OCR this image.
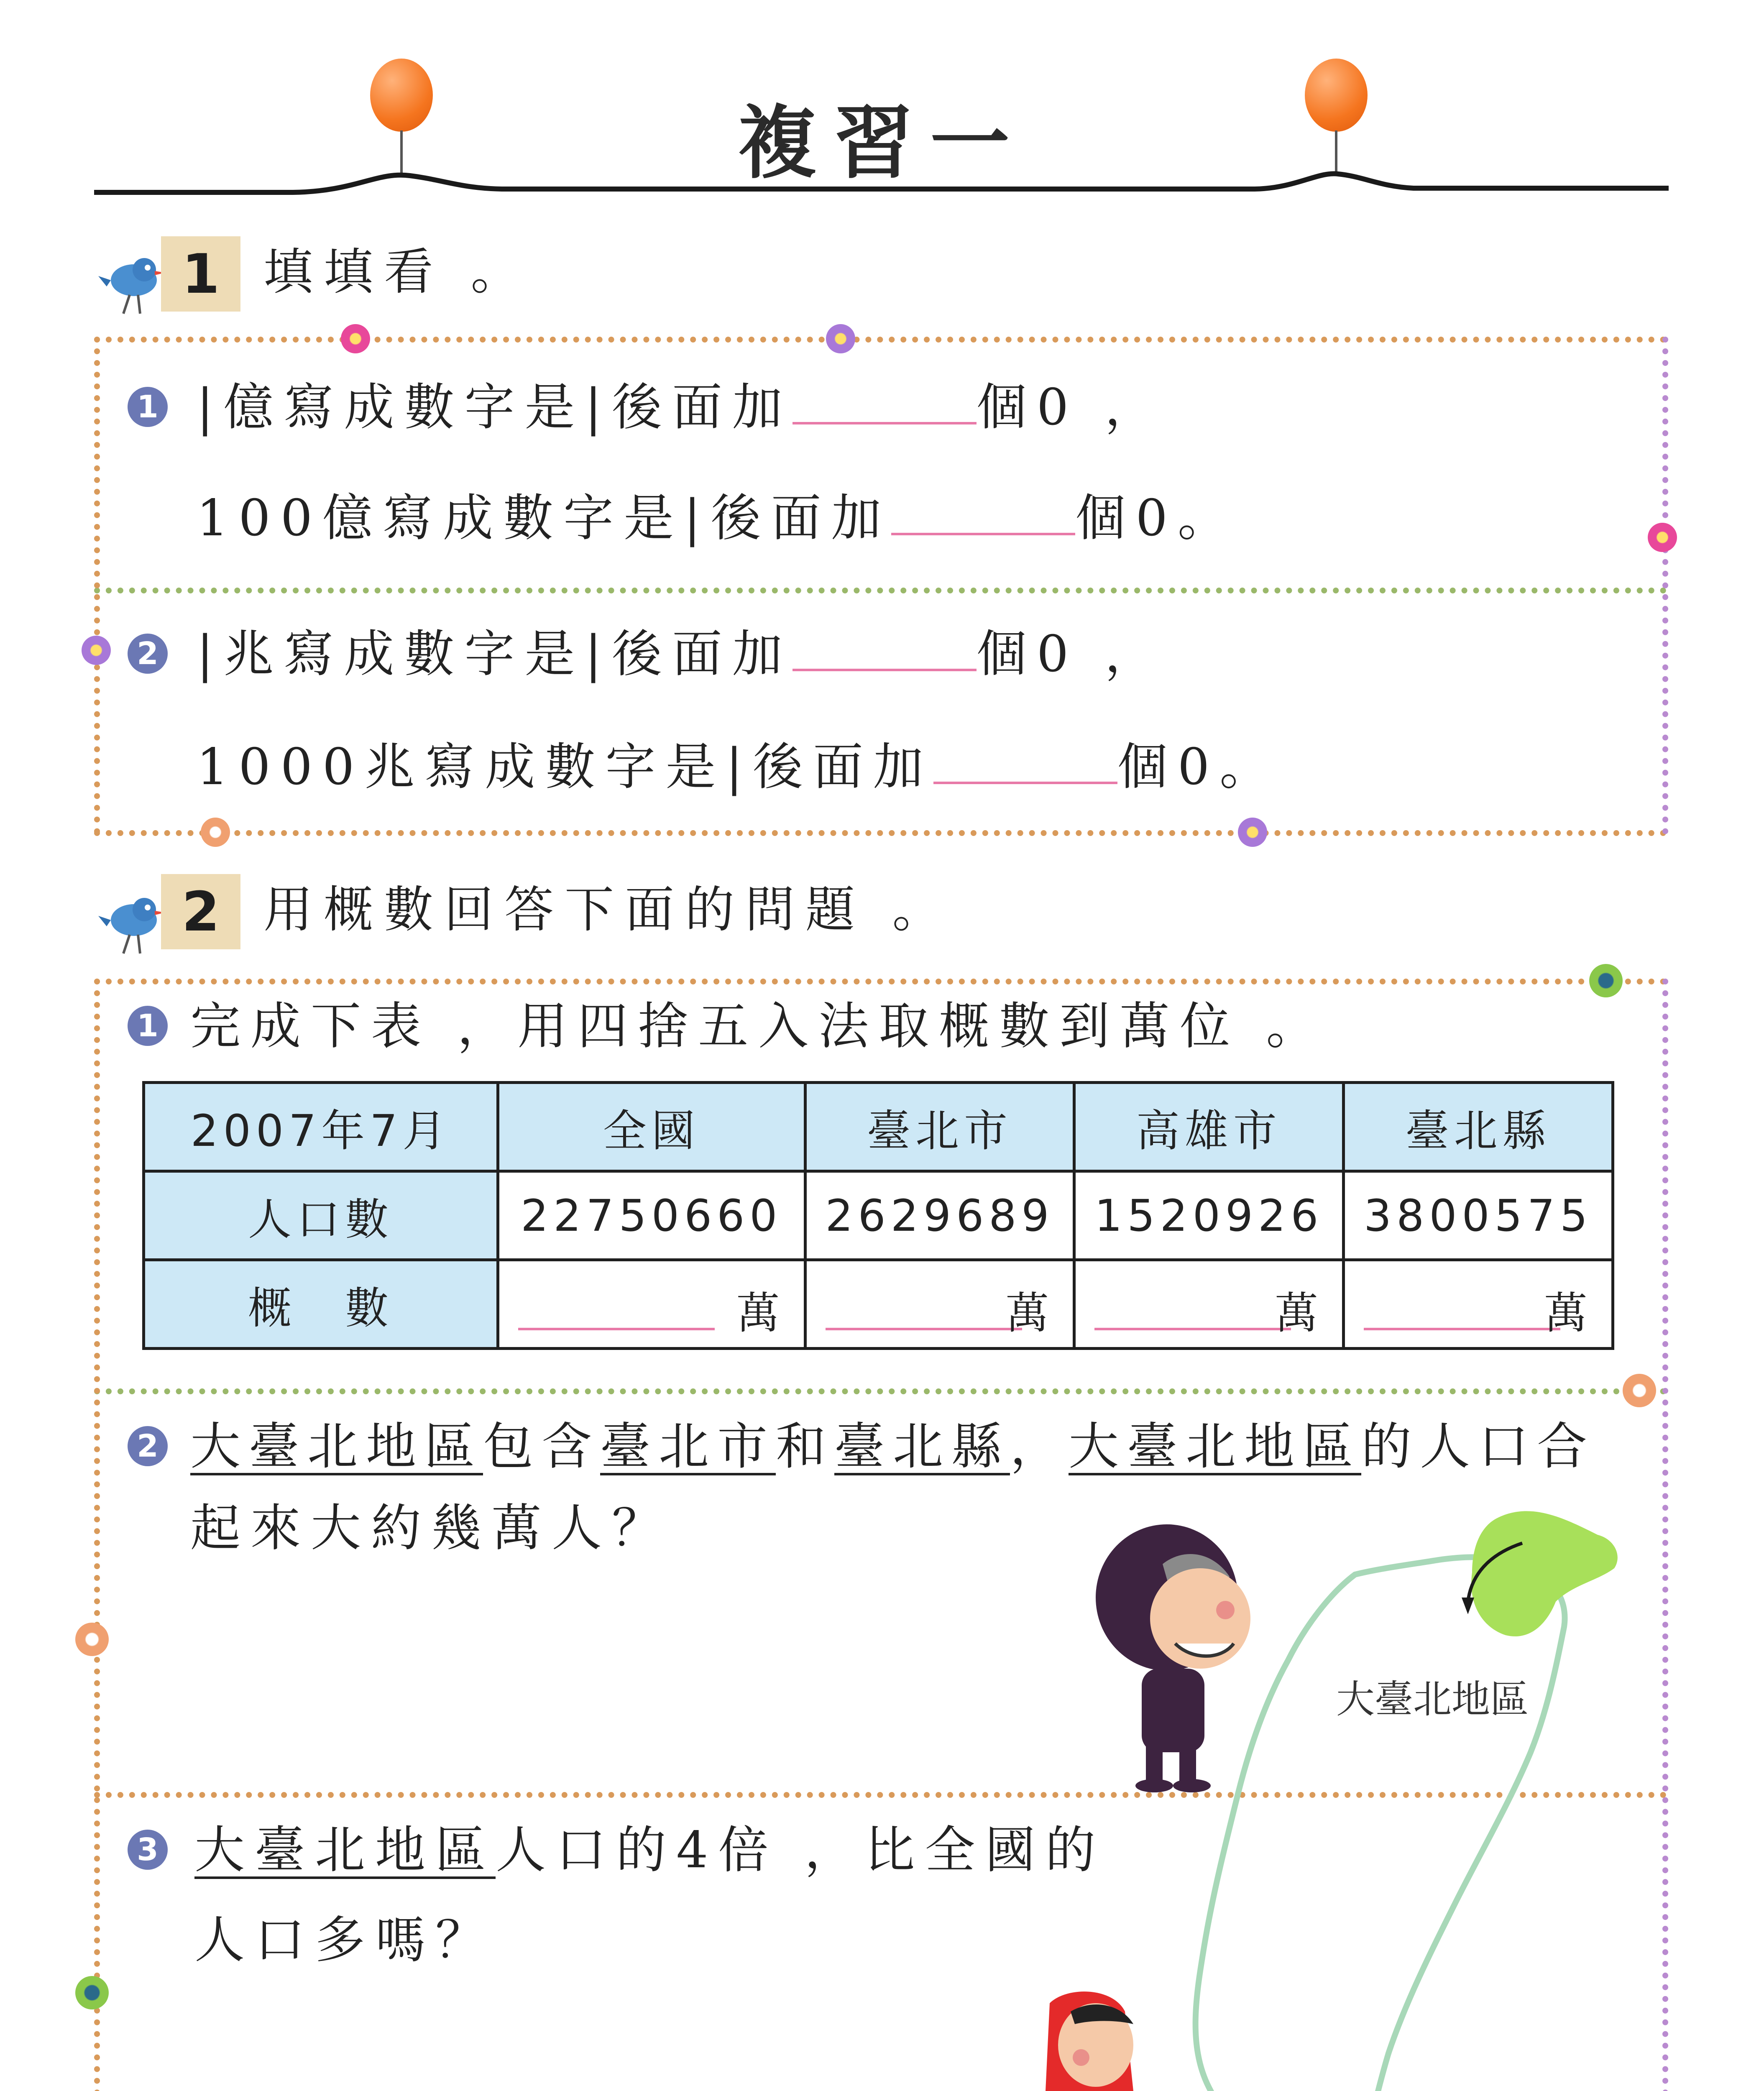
複習一
1 填填看 。
1 |億寫成數字是|後面加	個0 ，
100億寫成數字是|後面加	個0。
2 |兆寫成數字是|後面加	個0 ，
1000兆寫成數字是|後面加	個0。
2 用概數回答下面的問題 。
1 完成下表 ，用四捨五入法取概數到萬位 。
2007年7月	全國	臺北市	高雄市	臺北縣
人口數	22750660	2629689	1520926	3800575
概　數	萬	萬	萬	萬
2 大臺北地區包含臺北市和臺北縣，大臺北地區的人口合
起來大約幾萬人？
3 大臺北地區人口的4倍 ，比全國的
人口多嗎？
大臺北地區
